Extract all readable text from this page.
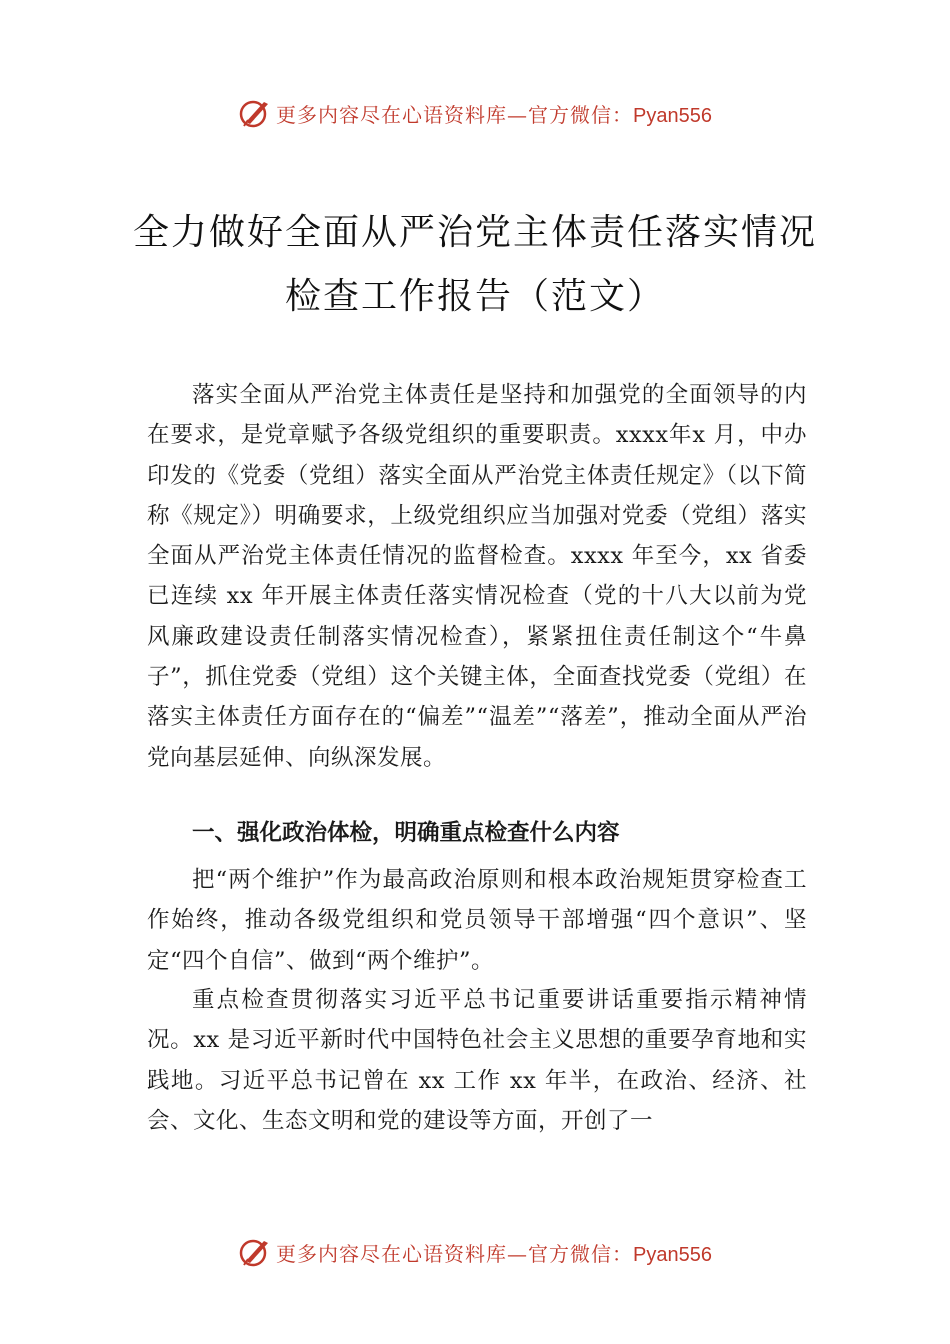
更多内容尽在心语资料库—官方微信：Pyan556
全力做好全面从严治党主体责任落实情况
检查工作报告（范文）
落实全面从严治党主体责任是坚持和加强党的全面领导的内在要求，是党章赋予各级党组织的重要职责。xxxx年x 月，中办印发的《党委（党组）落实全面从严治党主体责任规定》（以下简称《规定》）明确要求，上级党组织应当加强对党委（党组）落实全面从严治党主体责任情况的监督检查。xxxx 年至今，xx 省委已连续 xx 年开展主体责任落实情况检查（党的十八大以前为党风廉政建设责任制落实情况检查），紧紧扭住责任制这个“牛鼻子”，抓住党委（党组）这个关键主体，全面查找党委（党组）在落实主体责任方面存在的“偏差”“温差”“落差”，推动全面从严治党向基层延伸、向纵深发展。
一、强化政治体检，明确重点检查什么内容
把“两个维护”作为最高政治原则和根本政治规矩贯穿检查工作始终，推动各级党组织和党员领导干部增强“四个意识”、坚定“四个自信”、做到“两个维护”。
重点检查贯彻落实习近平总书记重要讲话重要指示精神情况。xx 是习近平新时代中国特色社会主义思想的重要孕育地和实践地。习近平总书记曾在 xx 工作 xx 年半，在政治、经济、社会、文化、生态文明和党的建设等方面，开创了一
更多内容尽在心语资料库—官方微信：Pyan556
